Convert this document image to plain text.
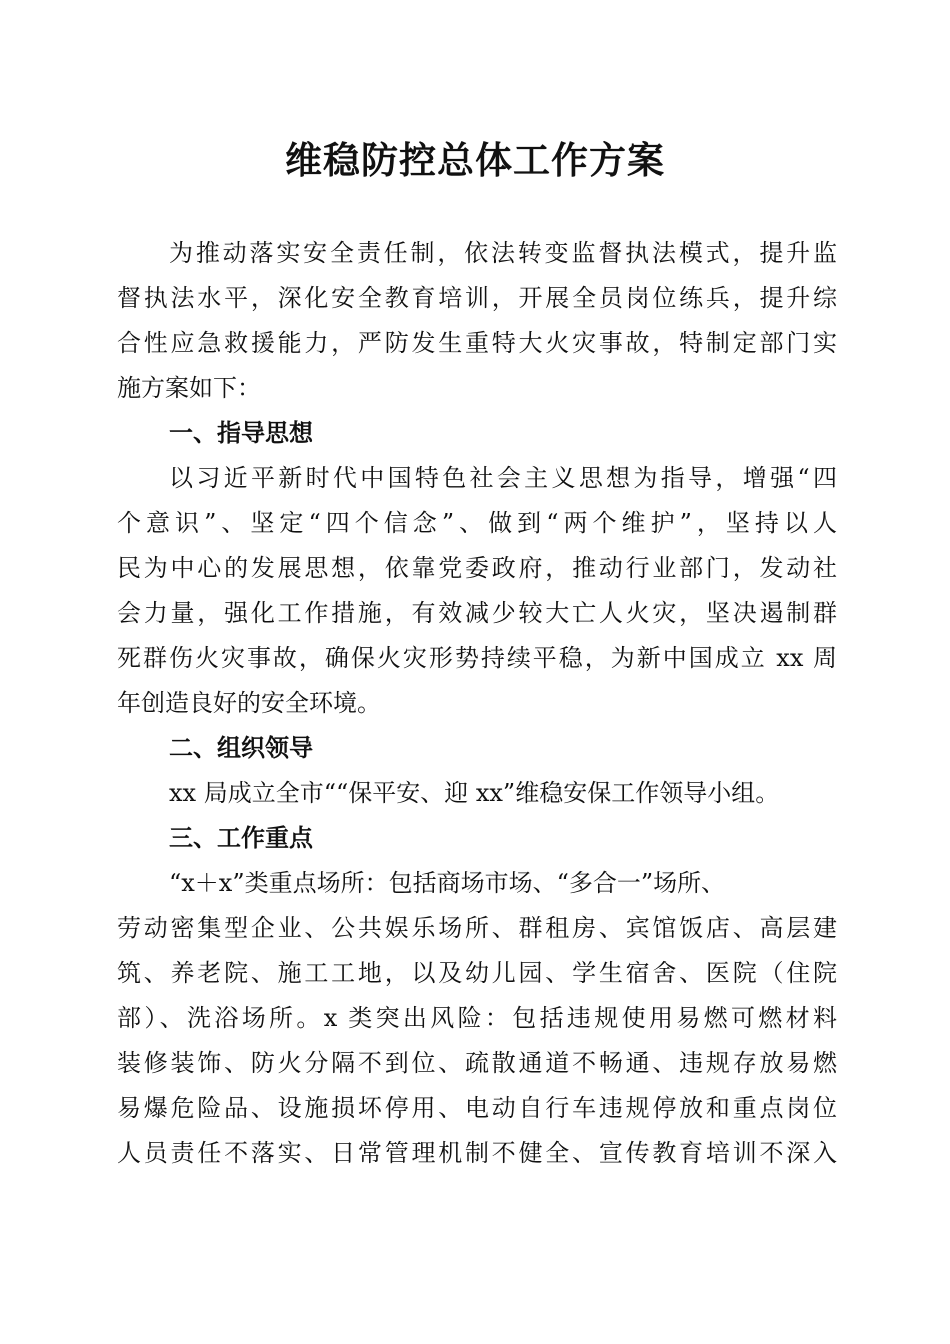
维稳防控总体工作方案
为推动落实安全责任制，依法转变监督执法模式，提升监
督执法水平，深化安全教育培训，开展全员岗位练兵，提升综
合性应急救援能力，严防发生重特大火灾事故，特制定部门实
施方案如下：
一、指导思想
以习近平新时代中国特色社会主义思想为指导，增强“四
个意识”、坚定“四个信念”、做到“两个维护”，坚持以人
民为中心的发展思想，依靠党委政府，推动行业部门，发动社
会力量，强化工作措施，有效减少较大亡人火灾，坚决遏制群
死群伤火灾事故，确保火灾形势持续平稳，为新中国成立 xx 周
年创造良好的安全环境。
二、组织领导
xx 局成立全市““保平安、迎 xx”维稳安保工作领导小组。
三、工作重点
“x＋x”类重点场所：包括商场市场、“多合一”场所、
劳动密集型企业、公共娱乐场所、群租房、宾馆饭店、高层建
筑、养老院、施工工地，以及幼儿园、学生宿舍、医院（住院
部）、洗浴场所。x 类突出风险：包括违规使用易燃可燃材料
装修装饰、防火分隔不到位、疏散通道不畅通、违规存放易燃
易爆危险品、设施损坏停用、电动自行车违规停放和重点岗位
人员责任不落实、日常管理机制不健全、宣传教育培训不深入
